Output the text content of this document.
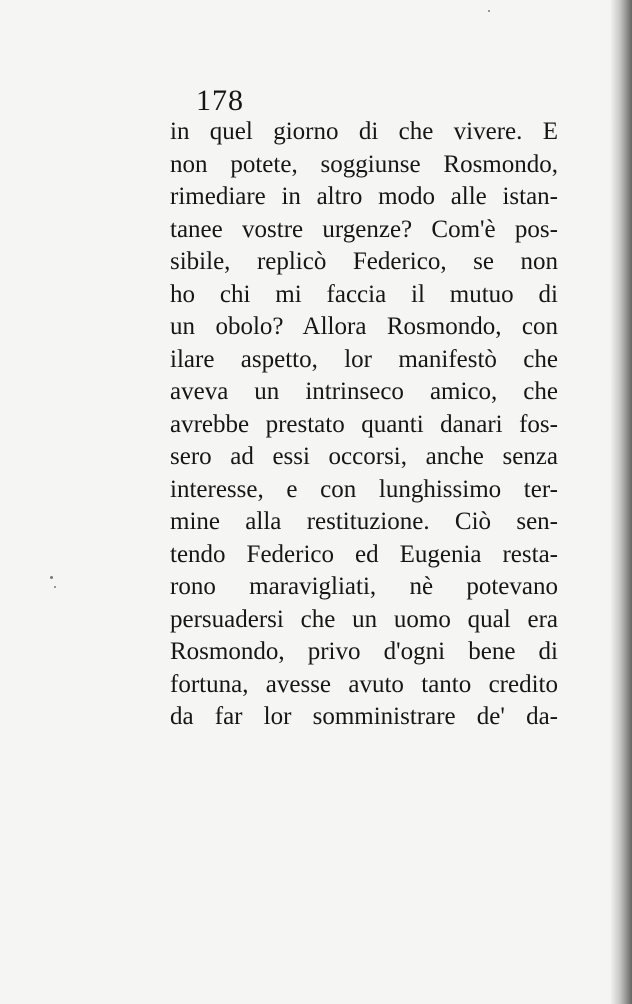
178
in quel giorno di che vivere. E
non potete, soggiunse Rosmondo,
rimediare in altro modo alle istan-
tanee vostre urgenze? Com'è pos-
sibile, replicò Federico, se non
ho chi mi faccia il mutuo di
un obolo? Allora Rosmondo, con
ilare aspetto, lor manifestò che
aveva un intrinseco amico, che
avrebbe prestato quanti danari fos-
sero ad essi occorsi, anche senza
interesse, e con lunghissimo ter-
mine alla restituzione. Ciò sen-
tendo Federico ed Eugenia resta-
rono maravigliati, nè potevano
persuadersi che un uomo qual era
Rosmondo, privo d'ogni bene di
fortuna, avesse avuto tanto credito
da far lor somministrare de' da-
